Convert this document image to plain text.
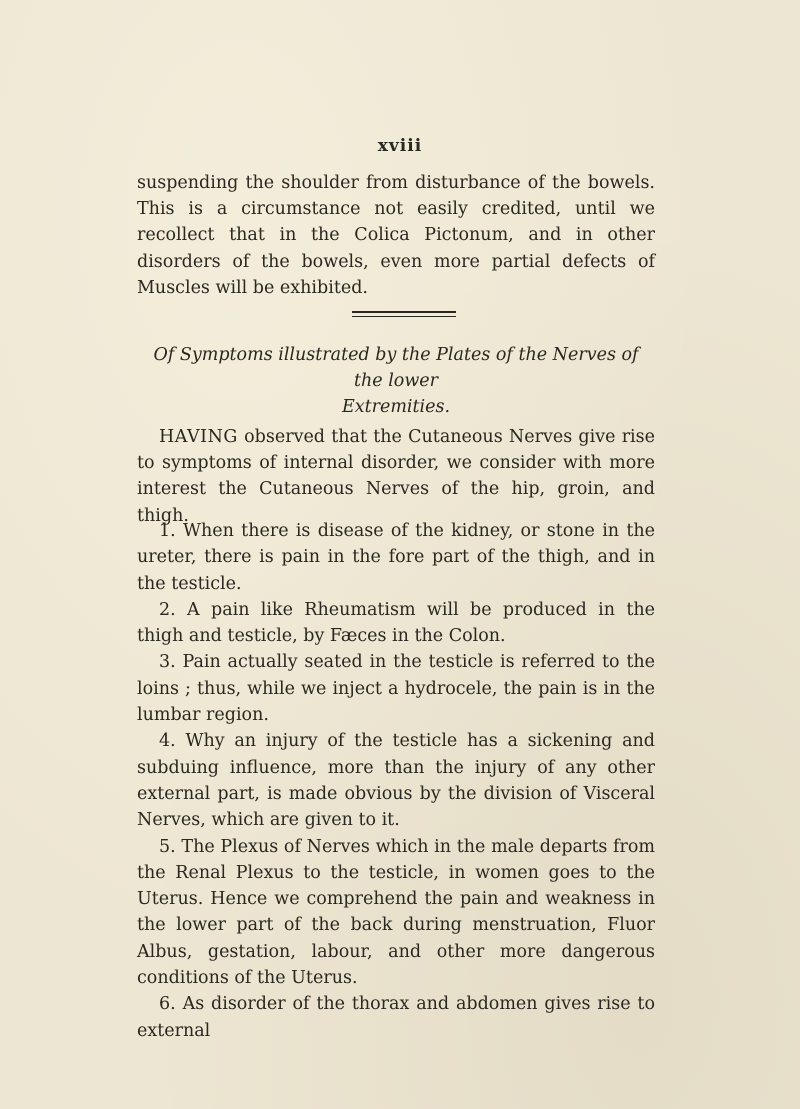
xviii

suspending the shoulder from disturbance of the bowels. This is a circumstance not easily credited, until we recollect that in the Colica Pictonum, and in other disorders of the bowels, even more partial defects of Muscles will be exhibited.

Of Symptoms illustrated by the Plates of the Nerves of the lower
Extremities.

HAVING observed that the Cutaneous Nerves give rise to symptoms of internal disorder, we consider with more interest the Cutaneous Nerves of the hip, groin, and thigh.

1. When there is disease of the kidney, or stone in the ureter, there is pain in the fore part of the thigh, and in the testicle.
2. A pain like Rheumatism will be produced in the thigh and testicle, by Fæces in the Colon.
3. Pain actually seated in the testicle is referred to the loins ; thus, while we inject a hydrocele, the pain is in the lumbar region.
4. Why an injury of the testicle has a sickening and subduing influence, more than the injury of any other external part, is made obvious by the division of Visceral Nerves, which are given to it.
5. The Plexus of Nerves which in the male departs from the Renal Plexus to the testicle, in women goes to the Uterus. Hence we comprehend the pain and weakness in the lower part of the back during menstruation, Fluor Albus, gestation, labour, and other more dangerous conditions of the Uterus.
6. As disorder of the thorax and abdomen gives rise to external
